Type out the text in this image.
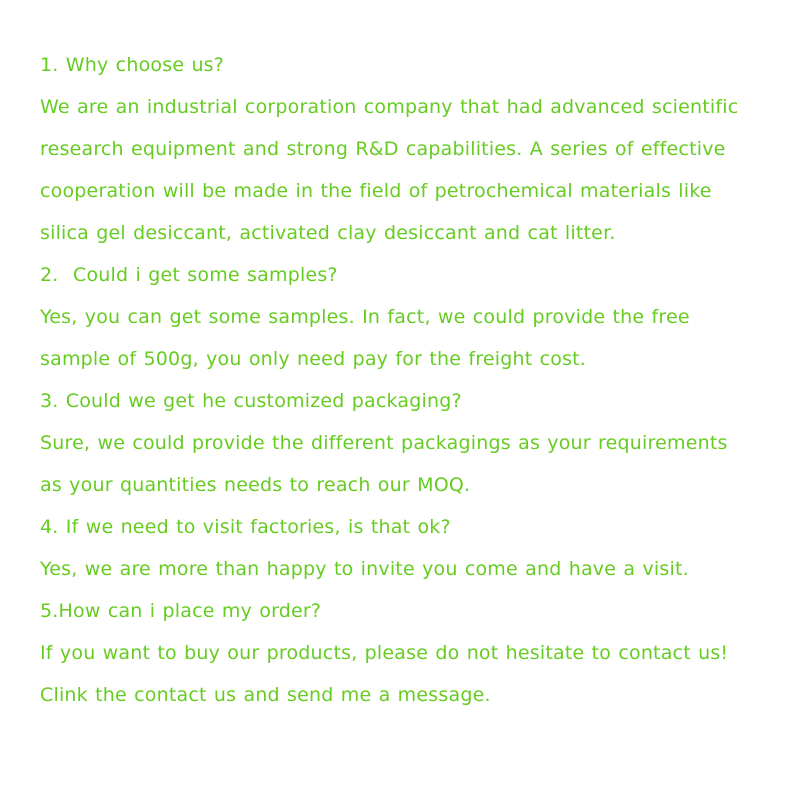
1. Why choose us?
We are an industrial corporation company that had advanced scientific
research equipment and strong R&D capabilities. A series of effective
cooperation will be made in the field of petrochemical materials like
silica gel desiccant, activated clay desiccant and cat litter.
2.  Could i get some samples?
Yes, you can get some samples. In fact, we could provide the free
sample of 500g, you only need pay for the freight cost.
3. Could we get he customized packaging?
Sure, we could provide the different packagings as your requirements
as your quantities needs to reach our MOQ.
4. If we need to visit factories, is that ok?
Yes, we are more than happy to invite you come and have a visit.
5.How can i place my order?
If you want to buy our products, please do not hesitate to contact us!
Clink the contact us and send me a message.
